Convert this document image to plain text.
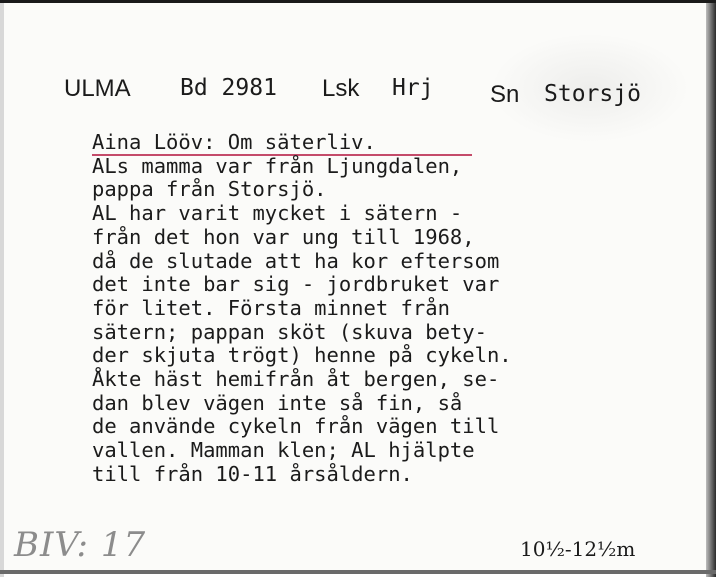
ULMA Bd 2981 Lsk Hrj Sn Storsjö
Aina Lööv: Om säterliv.
ALs mamma var från Ljungdalen,
pappa från Storsjö.
AL har varit mycket i sätern -
från det hon var ung till 1968,
då de slutade att ha kor eftersom
det inte bar sig - jordbruket var
för litet. Första minnet från
sätern; pappan sköt (skuva bety-
der skjuta trögt) henne på cykeln.
Åkte häst hemifrån åt bergen, se-
dan blev vägen inte så fin, så
de använde cykeln från vägen till
vallen. Mamman klen; AL hjälpte
till från 10-11 årsåldern.
10½-12½m
BIV: 17
